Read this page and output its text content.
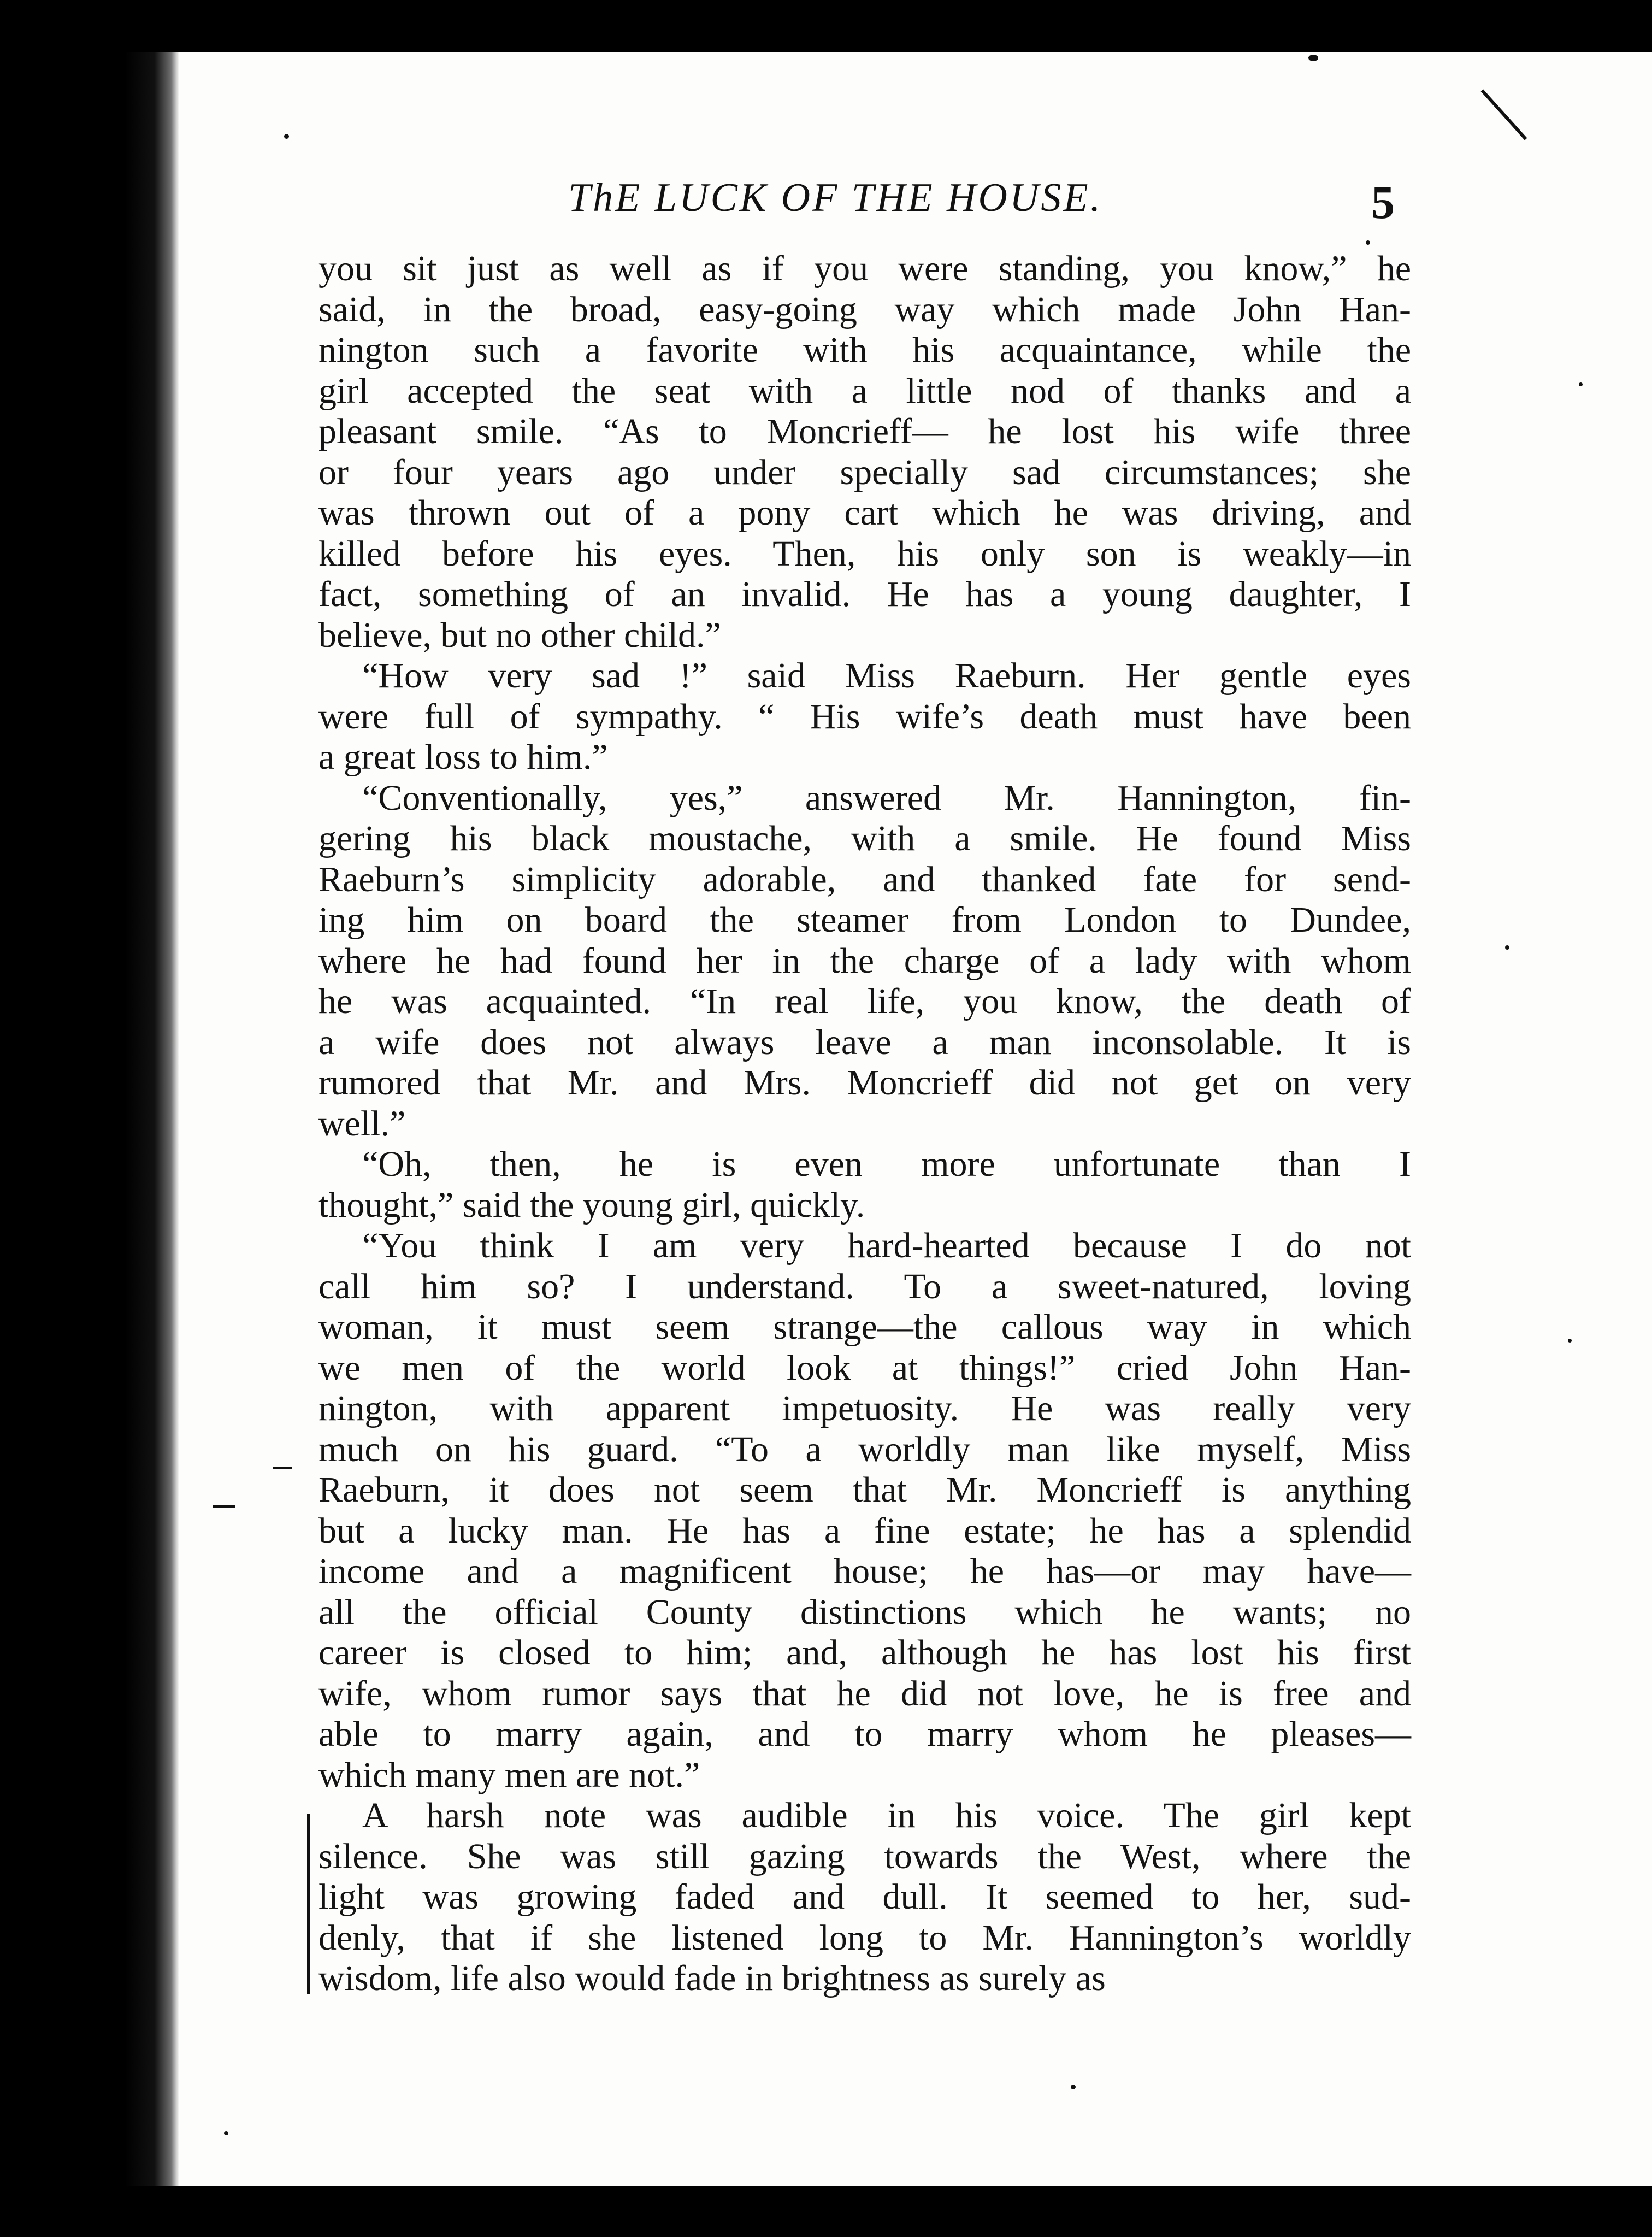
ThE LUCK OF THE HOUSE.	5
you sit just as well as if you were standing, you know,” he
said, in the broad, easy-going way which made John Han-
nington such a favorite with his acquaintance, while the
girl accepted the seat with a little nod of thanks and a
pleasant smile. “As to Moncrieff— he lost his wife three
or four years ago under specially sad circumstances; she
was thrown out of a pony cart which he was driving, and
killed before his eyes. Then, his only son is weakly—in
fact, something of an invalid. He has a young daughter, I
believe, but no other child.”
“How very sad !” said Miss Raeburn. Her gentle eyes
were full of sympathy. “ His wife’s death must have been
a great loss to him.”
“Conventionally, yes,” answered Mr. Hannington, fin-
gering his black moustache, with a smile. He found Miss
Raeburn’s simplicity adorable, and thanked fate for send-
ing him on board the steamer from London to Dundee,
where he had found her in the charge of a lady with whom
he was acquainted. “In real life, you know, the death of
a wife does not always leave a man inconsolable. It is
rumored that Mr. and Mrs. Moncrieff did not get on very
well.”
“Oh, then, he is even more unfortunate than I
thought,” said the young girl, quickly.
“You think I am very hard-hearted because I do not
call him so? I understand. To a sweet-natured, loving
woman, it must seem strange—the callous way in which
we men of the world look at things!” cried John Han-
nington, with apparent impetuosity. He was really very
much on his guard. “To a worldly man like myself, Miss
Raeburn, it does not seem that Mr. Moncrieff is anything
but a lucky man. He has a fine estate; he has a splendid
income and a magnificent house; he has—or may have—
all the official County distinctions which he wants; no
career is closed to him; and, although he has lost his first
wife, whom rumor says that he did not love, he is free and
able to marry again, and to marry whom he pleases—
which many men are not.”
A harsh note was audible in his voice. The girl kept
silence. She was still gazing towards the West, where the
light was growing faded and dull. It seemed to her, sud-
denly, that if she listened long to Mr. Hannington’s worldly
wisdom, life also would fade in brightness as surely as
